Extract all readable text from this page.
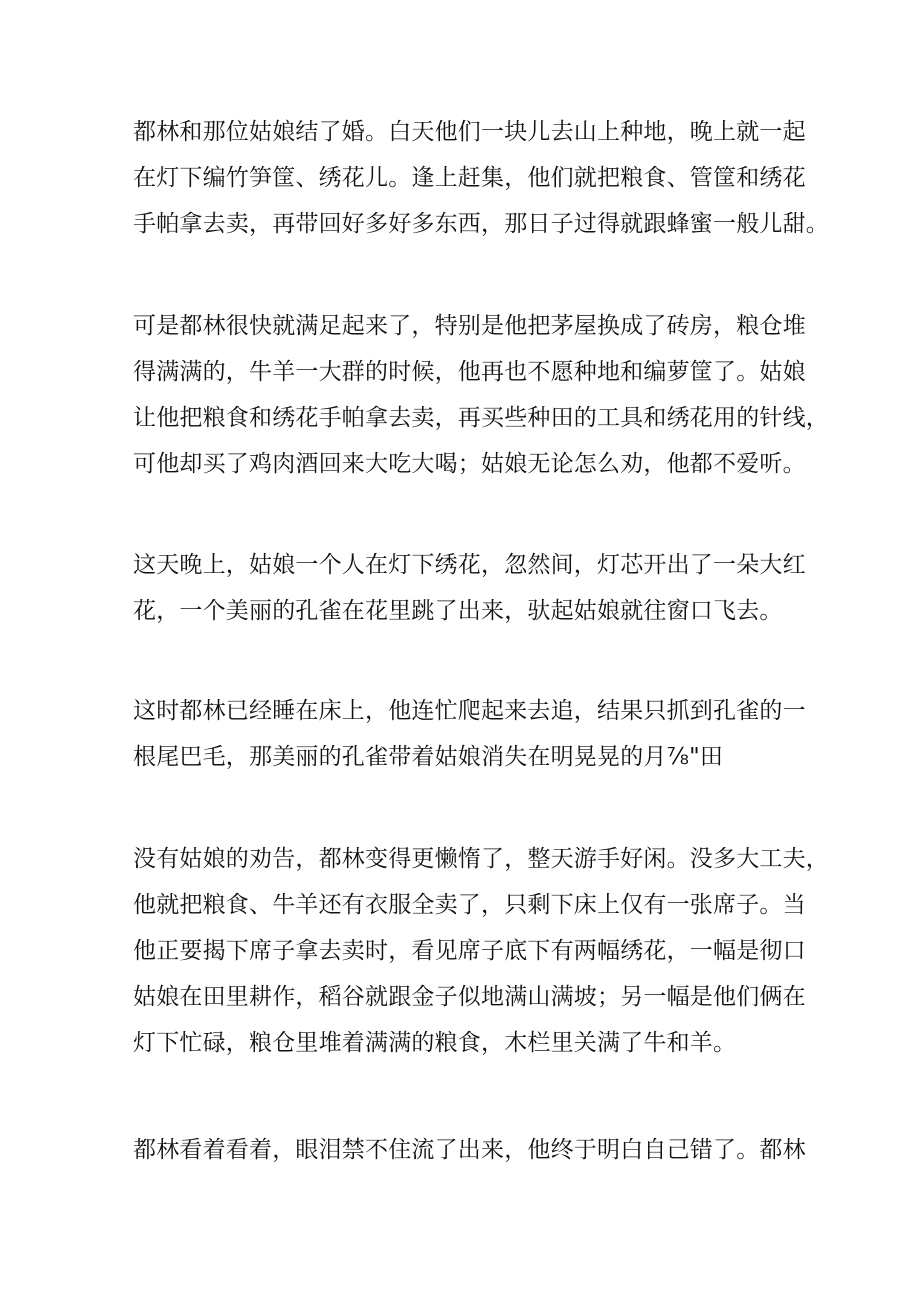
都林和那位姑娘结了婚。白天他们一块儿去山上种地，晚上就一起
在灯下编竹笋筐、绣花儿。逢上赶集，他们就把粮食、管筐和绣花
手帕拿去卖，再带回好多好多东西，那日子过得就跟蜂蜜一般儿甜。
可是都林很快就满足起来了，特别是他把茅屋换成了砖房，粮仓堆
得满满的，牛羊一大群的时候，他再也不愿种地和编萝筐了。姑娘
让他把粮食和绣花手帕拿去卖，再买些种田的工具和绣花用的针线，
可他却买了鸡肉酒回来大吃大喝；姑娘无论怎么劝，他都不爱听。
这天晚上，姑娘一个人在灯下绣花，忽然间，灯芯开出了一朵大红
花，一个美丽的孔雀在花里跳了出来，驮起姑娘就往窗口飞去。
这时都林已经睡在床上，他连忙爬起来去追，结果只抓到孔雀的一
根尾巴毛，那美丽的孔雀带着姑娘消失在明晃晃的月⅞"田
没有姑娘的劝告，都林变得更懒惰了，整天游手好闲。没多大工夫，
他就把粮食、牛羊还有衣服全卖了，只剩下床上仅有一张席子。当
他正要揭下席子拿去卖时，看见席子底下有两幅绣花，一幅是彻口
姑娘在田里耕作，稻谷就跟金子似地满山满坡；另一幅是他们俩在
灯下忙碌，粮仓里堆着满满的粮食，木栏里关满了牛和羊。
都林看着看着，眼泪禁不住流了出来，他终于明白自己错了。都林
